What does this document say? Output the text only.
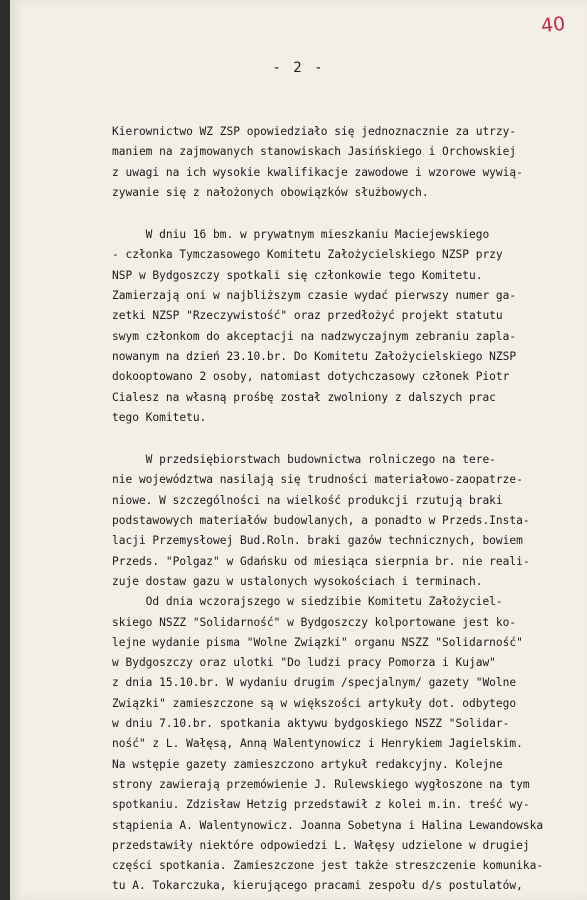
- 2 -
40
Kierownictwo WZ ZSP opowiedziało się jednoznacznie za utrzy-
maniem na zajmowanych stanowiskach Jasińskiego i Orchowskiej
z uwagi na ich wysokie kwalifikacje zawodowe i wzorowe wywią-
zywanie się z nałożonych obowiązków służbowych.
W dniu 16 bm. w prywatnym mieszkaniu Maciejewskiego
- członka Tymczasowego Komitetu Założycielskiego NZSP przy
NSP w Bydgoszczy spotkali się członkowie tego Komitetu.
Zamierzają oni w najbliższym czasie wydać pierwszy numer ga-
zetki NZSP "Rzeczywistość" oraz przedłożyć projekt statutu
swym członkom do akceptacji na nadzwyczajnym zebraniu zapla-
nowanym na dzień 23.10.br. Do Komitetu Założycielskiego NZSP
dokooptowano 2 osoby, natomiast dotychczasowy członek Piotr
Cialesz na własną prośbę został zwolniony z dalszych prac
tego Komitetu.
W przedsiębiorstwach budownictwa rolniczego na tere-
nie województwa nasilają się trudności materiałowo-zaopatrze-
niowe. W szczególności na wielkość produkcji rzutują braki
podstawowych materiałów budowlanych, a ponadto w Przeds.Insta-
lacji Przemysłowej Bud.Roln. braki gazów technicznych, bowiem
Przeds. "Polgaz" w Gdańsku od miesiąca sierpnia br. nie reali-
zuje dostaw gazu w ustalonych wysokościach i terminach.
Od dnia wczorajszego w siedzibie Komitetu Założyciel-
skiego NSZZ "Solidarność" w Bydgoszczy kolportowane jest ko-
lejne wydanie pisma "Wolne Związki" organu NSZZ "Solidarność"
w Bydgoszczy oraz ulotki "Do ludzi pracy Pomorza i Kujaw"
z dnia 15.10.br. W wydaniu drugim /specjalnym/ gazety "Wolne
Związki" zamieszczone są w większości artykuły dot. odbytego
w dniu 7.10.br. spotkania aktywu bydgoskiego NSZZ "Solidar-
ność" z L. Wałęsą, Anną Walentynowicz i Henrykiem Jagielskim.
Na wstępie gazety zamieszczono artykuł redakcyjny. Kolejne
strony zawierają przemówienie J. Rulewskiego wygłoszone na tym
spotkaniu. Zdzisław Hetzig przedstawił z kolei m.in. treść wy-
stąpienia A. Walentynowicz. Joanna Sobetyna i Halina Lewandowska
przedstawiły niektóre odpowiedzi L. Wałęsy udzielone w drugiej
części spotkania. Zamieszczone jest także streszczenie komunika-
tu A. Tokarczuka, kierującego pracami zespołu d/s postulatów,
